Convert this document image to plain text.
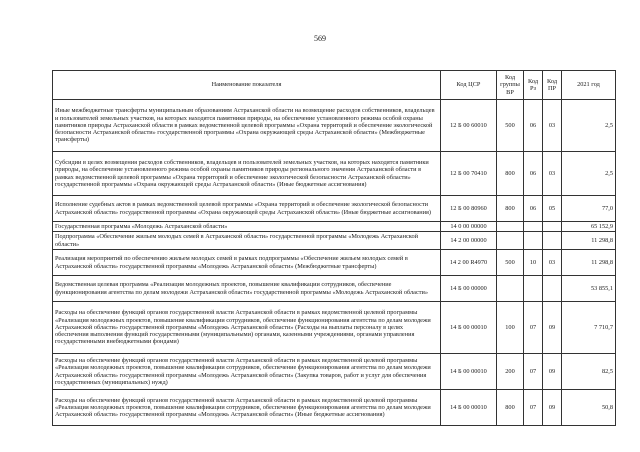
569
Наименование показателя	Код ЦСР	Код группы ВР	Код Рз	Код ПР	2021 год
Иные межбюджетные трансферты муниципальным образованиям Астраханской области на возмещение расходов собственников, владельцев и пользователей земельных участков, на которых находятся памятники природы, на обеспечение установленного режима особой охраны памятников природы Астраханской области в рамках ведомственной целевой программы «Охрана территорий и обеспечение экологической безопасности Астраханской области» государственной программы «Охрана окружающей среды Астраханской области» (Межбюджетные трансферты)	12 Б 00 60010	500	06	03	2,5
Субсидии в целях возмещения расходов собственников, владельцев и пользователей земельных участков, на которых находятся памятники природы, на обеспечение установленного режима особой охраны памятников природы регионального значения Астраханской области в рамках ведомственной целевой программы «Охрана территорий и обеспечение экологической безопасности Астраханской области» государственной программы «Охрана окружающей среды Астраханской области» (Иные бюджетные ассигнования)	12 Б 00 70410	800	06	03	2,5
Исполнение судебных актов в рамках ведомственной целевой программы «Охрана территорий и обеспечение экологической безопасности Астраханской области» государственной программы «Охрана окружающей среды Астраханской области» (Иные бюджетные ассигнования)	12 Б 00 80960	800	06	05	77,0
Государственная программа «Молодежь Астраханской области»	14 0 00 00000				65 152,9
Подпрограмма «Обеспечение жильем молодых семей в Астраханской области» государственной программы «Молодежь Астраханской области»	14 2 00 00000				11 298,8
Реализация мероприятий по обеспечению жильем молодых семей в рамках подпрограммы «Обеспечение жильем молодых семей в Астраханской области» государственной программы «Молодежь Астраханской области» (Межбюджетные трансферты)	14 2 00 R4970	500	10	03	11 298,8
Ведомственная целевая программа «Реализация молодежных проектов, повышение квалификации сотрудников, обеспечение функционирования агентства по делам молодежи Астраханской области» государственной программы «Молодежь Астраханской области»	14 Б 00 00000				53 855,1
Расходы на обеспечение функций органов государственной власти Астраханской области в рамках ведомственной целевой программы «Реализация молодежных проектов, повышение квалификации сотрудников, обеспечение функционирования агентства по делам молодежи Астраханской области» государственной программы «Молодежь Астраханской области» (Расходы на выплаты персоналу в целях обеспечения выполнения функций государственными (муниципальными) органами, казенными учреждениями, органами управления государственными внебюджетными фондами)	14 Б 00 00010	100	07	09	7 710,7
Расходы на обеспечение функций органов государственной власти Астраханской области в рамках ведомственной целевой программы «Реализация молодежных проектов, повышение квалификации сотрудников, обеспечение функционирования агентства по делам молодежи Астраханской области» государственной программы «Молодежь Астраханской области» (Закупка товаров, работ и услуг для обеспечения государственных (муниципальных) нужд)	14 Б 00 00010	200	07	09	82,5
Расходы на обеспечение функций органов государственной власти Астраханской области в рамках ведомственной целевой программы «Реализация молодежных проектов, повышение квалификации сотрудников, обеспечение функционирования агентства по делам молодежи Астраханской области» государственной программы «Молодежь Астраханской области» (Иные бюджетные ассигнования)	14 Б 00 00010	800	07	09	50,8
